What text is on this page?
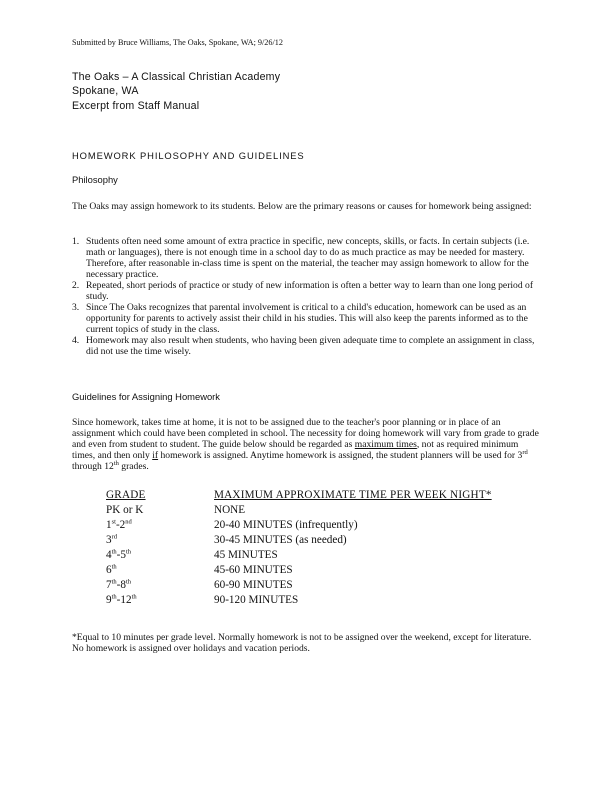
Submitted by Bruce Williams, The Oaks, Spokane, WA; 9/26/12
The Oaks – A Classical Christian Academy
Spokane, WA
Excerpt from Staff Manual
HOMEWORK PHILOSOPHY AND GUIDELINES
Philosophy

The Oaks may assign homework to its students. Below are the primary reasons or causes for homework being assigned:

1. Students often need some amount of extra practice in specific, new concepts, skills, or facts. In certain subjects (i.e. math or languages), there is not enough time in a school day to do as much practice as may be needed for mastery. Therefore, after reasonable in-class time is spent on the material, the teacher may assign homework to allow for the necessary practice.
2. Repeated, short periods of practice or study of new information is often a better way to learn than one long period of study.
3. Since The Oaks recognizes that parental involvement is critical to a child's education, homework can be used as an opportunity for parents to actively assist their child in his studies. This will also keep the parents informed as to the current topics of study in the class.
4. Homework may also result when students, who having been given adequate time to complete an assignment in class, did not use the time wisely.
Guidelines for Assigning Homework

Since homework, takes time at home, it is not to be assigned due to the teacher's poor planning or in place of an assignment which could have been completed in school. The necessity for doing homework will vary from grade to grade and even from student to student. The guide below should be regarded as maximum times, not as required minimum times, and then only if homework is assigned. Anytime homework is assigned, the student planners will be used for 3rd through 12th grades.

GRADE	MAXIMUM APPROXIMATE TIME PER WEEK NIGHT*
PK or K	NONE
1st-2nd	20-40 MINUTES (infrequently)
3rd	30-45 MINUTES (as needed)
4th-5th	45 MINUTES
6th	45-60 MINUTES
7th-8th	60-90 MINUTES
9th-12th	90-120 MINUTES

*Equal to 10 minutes per grade level. Normally homework is not to be assigned over the weekend, except for literature. No homework is assigned over holidays and vacation periods.
